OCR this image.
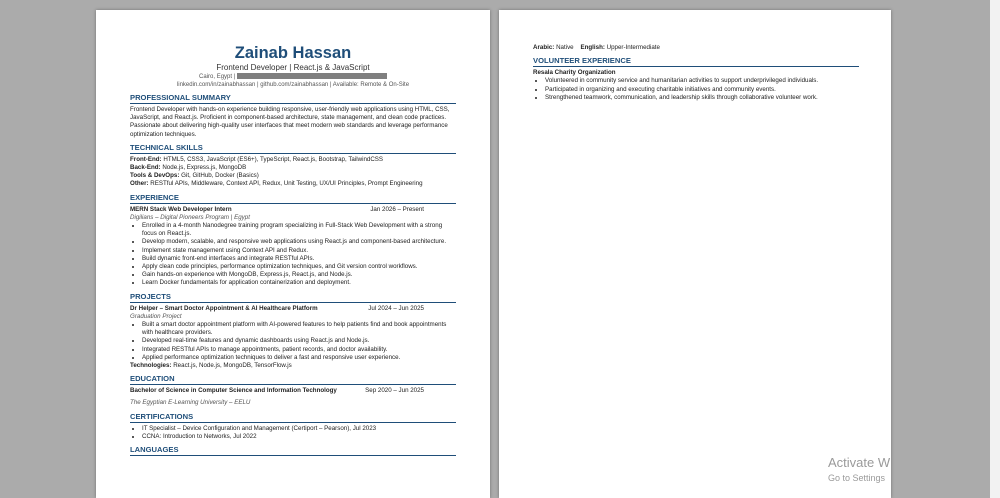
Zainab Hassan
Frontend Developer | React.js & JavaScript
Cairo, Egypt |
linkedin.com/in/zainabhassan | github.com/zainabhassan | Available: Remote & On-Site
PROFESSIONAL SUMMARY
Frontend Developer with hands-on experience building responsive, user-friendly web applications using HTML, CSS, JavaScript, and React.js. Proficient in component-based architecture, state management, and clean code practices. Passionate about delivering high-quality user interfaces that meet modern web standards and leverage performance optimization techniques.
TECHNICAL SKILLS
Front-End: HTML5, CSS3, JavaScript (ES6+), TypeScript, React.js, Bootstrap, TailwindCSS
Back-End: Node.js, Express.js, MongoDB
Tools & DevOps: Git, GitHub, Docker (Basics)
Other: RESTful APIs, Middleware, Context API, Redux, Unit Testing, UX/UI Principles, Prompt Engineering
EXPERIENCE
MERN Stack Web Developer Intern	Jan 2026 – Present
Digilians – Digital Pioneers Program | Egypt
• Enrolled in a 4-month Nanodegree training program specializing in Full-Stack Web Development with a strong focus on React.js.
• Develop modern, scalable, and responsive web applications using React.js and component-based architecture.
• Implement state management using Context API and Redux.
• Build dynamic front-end interfaces and integrate RESTful APIs.
• Apply clean code principles, performance optimization techniques, and Git version control workflows.
• Gain hands-on experience with MongoDB, Express.js, React.js, and Node.js.
• Learn Docker fundamentals for application containerization and deployment.
PROJECTS
Dr Helper – Smart Doctor Appointment & AI Healthcare Platform	Jul 2024 – Jun 2025
Graduation Project
• Built a smart doctor appointment platform with AI-powered features to help patients find and book appointments with healthcare providers.
• Developed real-time features and dynamic dashboards using React.js and Node.js.
• Integrated RESTful APIs to manage appointments, patient records, and doctor availability.
• Applied performance optimization techniques to deliver a fast and responsive user experience.
Technologies: React.js, Node.js, MongoDB, TensorFlow.js
EDUCATION
Bachelor of Science in Computer Science and Information Technology	Sep 2020 – Jun 2025
The Egyptian E-Learning University – EELU
CERTIFICATIONS
• IT Specialist – Device Configuration and Management (Certiport – Pearson), Jul 2023
• CCNA: Introduction to Networks, Jul 2022
LANGUAGES
Arabic: Native English: Upper-Intermediate
VOLUNTEER EXPERIENCE
Resala Charity Organization
• Volunteered in community service and humanitarian activities to support underprivileged individuals.
• Participated in organizing and executing charitable initiatives and community events.
• Strengthened teamwork, communication, and leadership skills through collaborative volunteer work.
Activate W
Go to Settings
